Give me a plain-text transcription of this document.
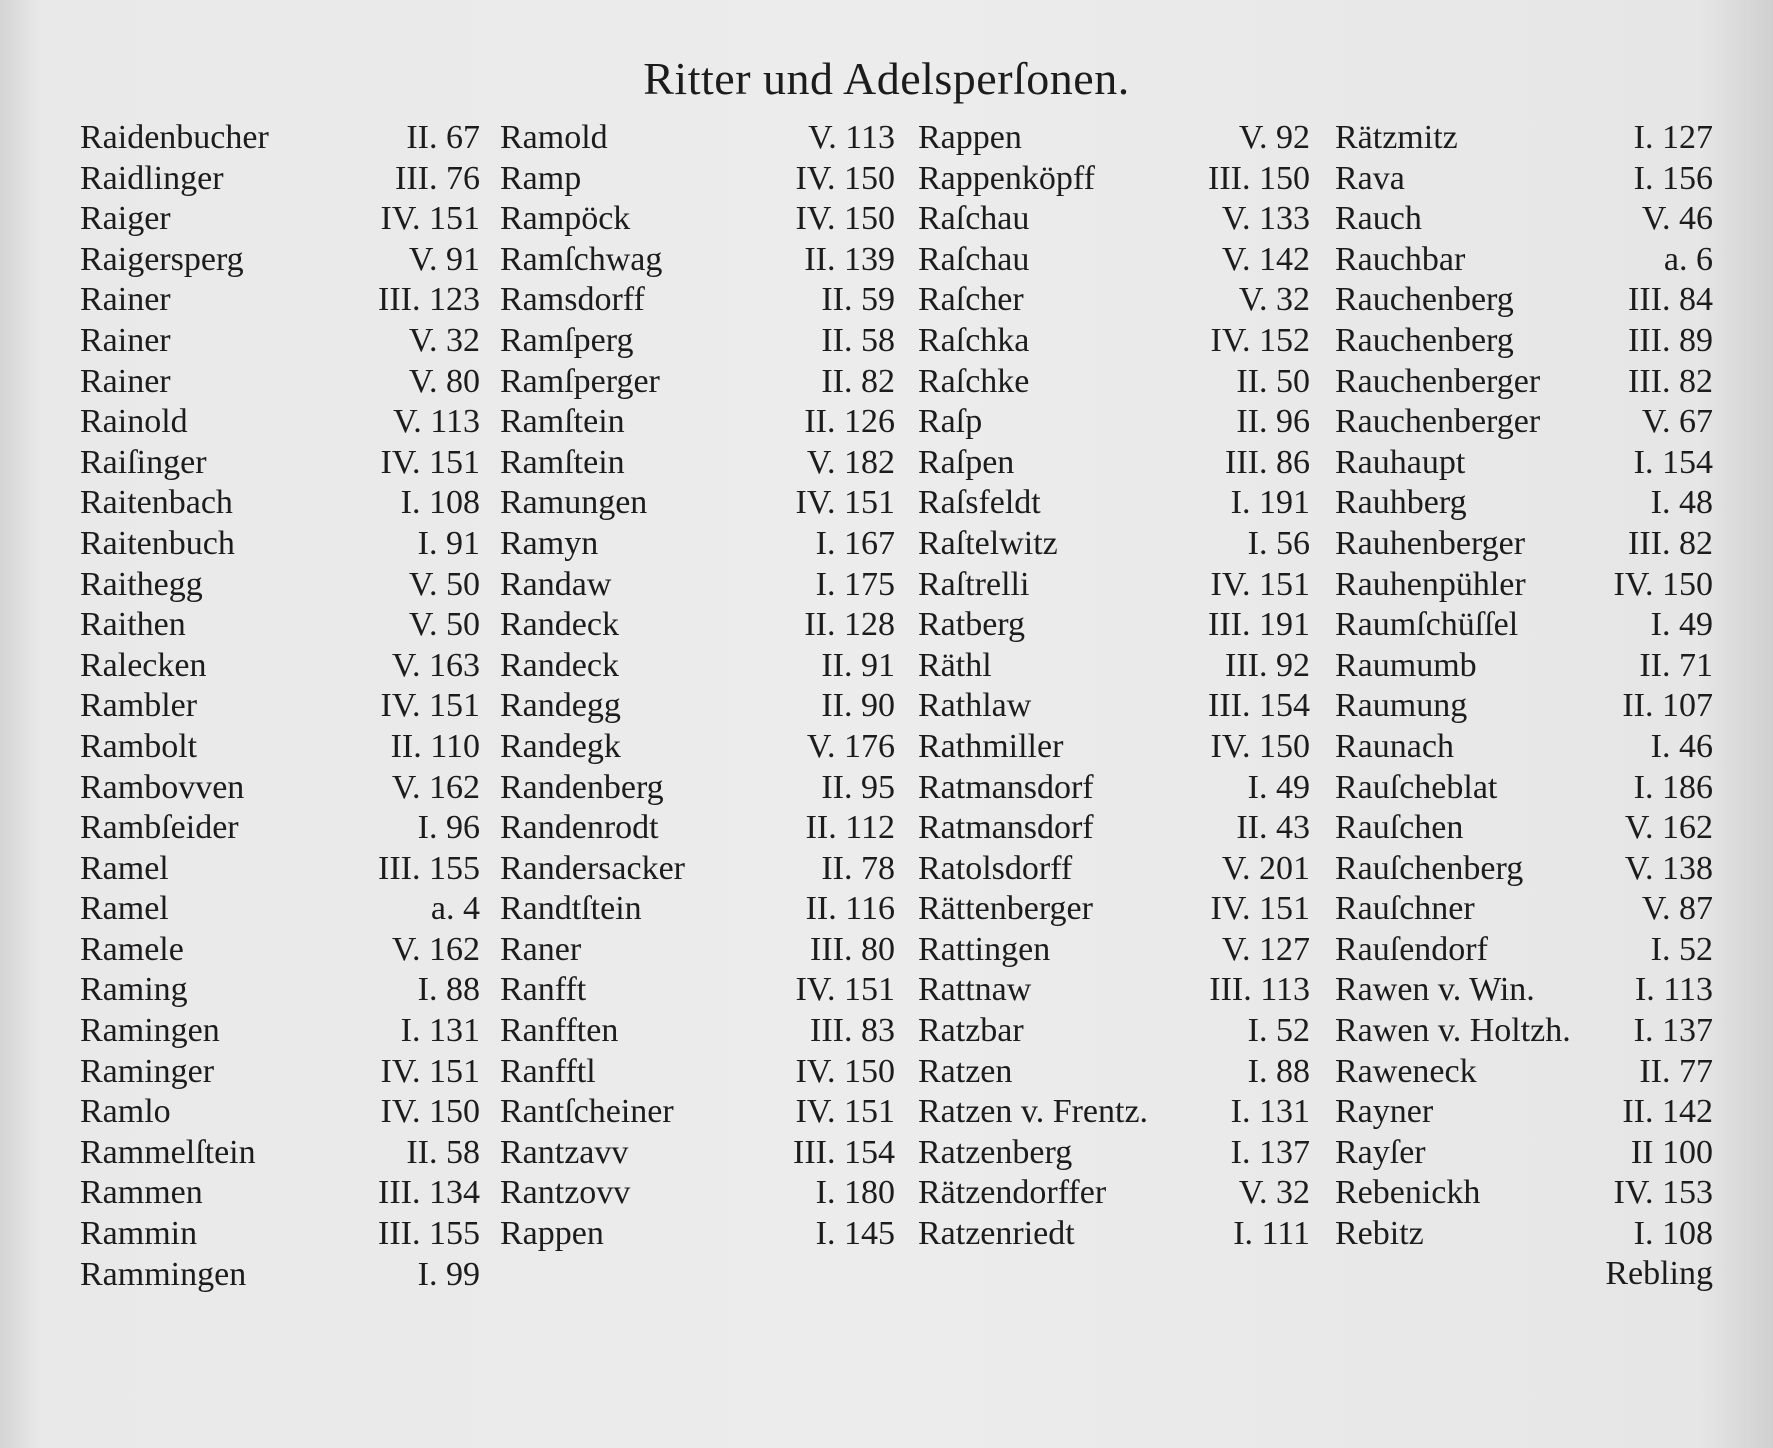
Ritter und Adelsperſonen.
Raidenbucher	II. 67
Raidlinger	III. 76
Raiger	IV. 151
Raigersperg	V. 91
Rainer	III. 123
Rainer	V. 32
Rainer	V. 80
Rainold	V. 113
Raiſinger	IV. 151
Raitenbach	I. 108
Raitenbuch	I. 91
Raithegg	V. 50
Raithen	V. 50
Ralecken	V. 163
Rambler	IV. 151
Rambolt	II. 110
Rambovven	V. 162
Rambſeider	I. 96
Ramel	III. 155
Ramel	a. 4
Ramele	V. 162
Raming	I. 88
Ramingen	I. 131
Raminger	IV. 151
Ramlo	IV. 150
Rammelſtein	II. 58
Rammen	III. 134
Rammin	III. 155
Rammingen	I. 99
Ramold	V. 113
Ramp	IV. 150
Rampöck	IV. 150
Ramſchwag	II. 139
Ramsdorff	II. 59
Ramſperg	II. 58
Ramſperger	II. 82
Ramſtein	II. 126
Ramſtein	V. 182
Ramungen	IV. 151
Ramyn	I. 167
Randaw	I. 175
Randeck	II. 128
Randeck	II. 91
Randegg	II. 90
Randegk	V. 176
Randenberg	II. 95
Randenrodt	II. 112
Randersacker	II. 78
Randtſtein	II. 116
Raner	III. 80
Ranfft	IV. 151
Ranfften	III. 83
Ranfftl	IV. 150
Rantſcheiner	IV. 151
Rantzavv	III. 154
Rantzovv	I. 180
Rappen	I. 145
Rappen	V. 92
Rappenköpff	III. 150
Raſchau	V. 133
Raſchau	V. 142
Raſcher	V. 32
Raſchka	IV. 152
Raſchke	II. 50
Raſp	II. 96
Raſpen	III. 86
Raſsfeldt	I. 191
Raſtelwitz	I. 56
Raſtrelli	IV. 151
Ratberg	III. 191
Räthl	III. 92
Rathlaw	III. 154
Rathmiller	IV. 150
Ratmansdorf	I. 49
Ratmansdorf	II. 43
Ratolsdorff	V. 201
Rättenberger	IV. 151
Rattingen	V. 127
Rattnaw	III. 113
Ratzbar	I. 52
Ratzen	I. 88
Ratzen v. Frentz. I. 131
Ratzenberg	I. 137
Rätzendorffer	V. 32
Ratzenriedt	I. 111
Rätzmitz	I. 127
Rava	I. 156
Rauch	V. 46
Rauchbar	a. 6
Rauchenberg	III. 84
Rauchenberg	III. 89
Rauchenberger	III. 82
Rauchenberger	V. 67
Rauhaupt	I. 154
Rauhberg	I. 48
Rauhenberger	III. 82
Rauhenpühler	IV. 150
Raumſchüſſel	I. 49
Raumumb	II. 71
Raumung	II. 107
Raunach	I. 46
Rauſcheblat	I. 186
Rauſchen	V. 162
Rauſchenberg	V. 138
Rauſchner	V. 87
Rauſendorf	I. 52
Rawen v. Win.	I. 113
Rawen v. Holtzh. I. 137
Raweneck	II. 77
Rayner	II. 142
Rayſer	II 100
Rebenickh	IV. 153
Rebitz	I. 108
Rebling
